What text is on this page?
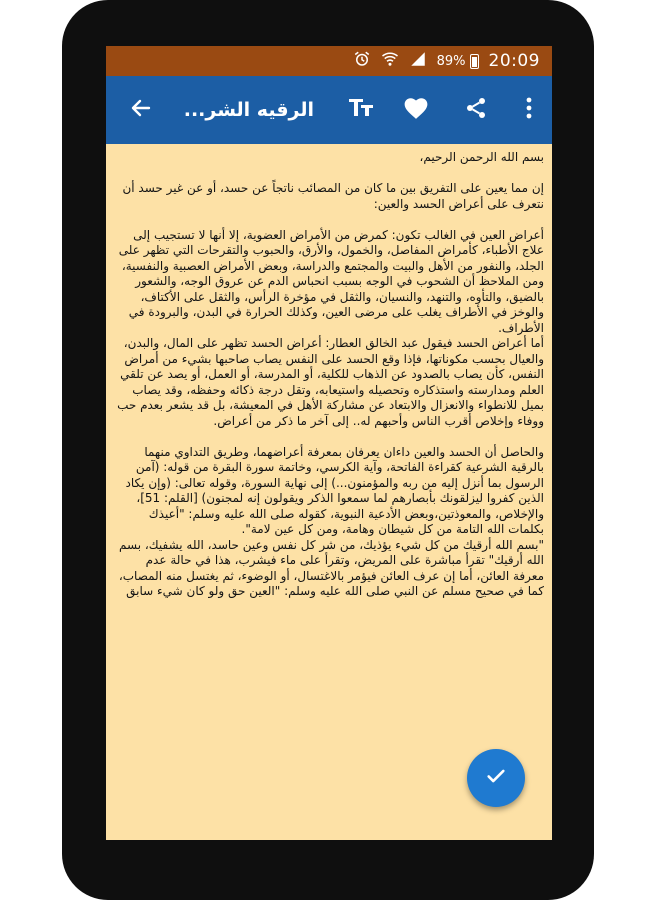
89% 20:09
الرقيه الشر...
بسم الله الرحمن الرحيم،

إن مما يعين على التفريق بين ما كان من المصائب ناتجاً عن حسد، أو عن غير حسد أن نتعرف على أعراض الحسد والعين:

أعراض العين في الغالب تكون: كمرض من الأمراض العضوية، إلا أنها لا تستجيب إلى علاج الأطباء، كأمراض المفاصل، والخمول، والأرق، والحبوب والتقرحات التي تظهر على الجلد، والنفور من الأهل والبيت والمجتمع والدراسة، وبعض الأمراض العصبية والنفسية، ومن الملاحظ أن الشحوب في الوجه بسبب انحباس الدم عن عروق الوجه، والشعور بالضيق، والتأوه، والتنهد، والنسيان، والثقل في مؤخرة الرأس، والثقل على الأكتاف، والوخز في الأطراف يغلب على مرضى العين، وكذلك الحرارة في البدن، والبرودة في الأطراف.
أما أعراض الحسد فيقول عبد الخالق العطار: أعراض الحسد تظهر على المال، والبدن، والعيال بحسب مكوناتها، فإذا وقع الحسد على النفس يصاب صاحبها بشيء من أمراض النفس، كأن يصاب بالصدود عن الذهاب للكلية، أو المدرسة، أو العمل، أو يصد عن تلقي العلم ومدارسته واستذكاره وتحصيله واستيعابه، وتقل درجة ذكائه وحفظه، وقد يصاب بميل للانطواء والانعزال والابتعاد عن مشاركة الأهل في المعيشة، بل قد يشعر بعدم حب ووفاء وإخلاص أقرب الناس وأحبهم له.. إلى آخر ما ذكر من أعراض.

والحاصل أن الحسد والعين داءان يعرفان بمعرفة أعراضهما، وطريق التداوي منهما بالرقية الشرعية كقراءة الفاتحة، وآية الكرسي، وخاتمة سورة البقرة من قوله: (آمن الرسول بما أنزل إليه من ربه والمؤمنون...) إلى نهاية السورة، وقوله تعالى: (وإن يكاد الذين كفروا ليزلقونك بأبصارهم لما سمعوا الذكر ويقولون إنه لمجنون) [القلم: 51]، والإخلاص، والمعوذتين،وبعض الأدعية النبوية، كقوله صلى الله عليه وسلم: "أعيذك بكلمات الله التامة من كل شيطان وهامة، ومن كل عين لامة".
"بسم الله أرقيك من كل شيء يؤذيك، من شر كل نفس وعين حاسد، الله يشفيك، بسم الله أرقيك" تقرأ مباشرة على المريض، وتقرأ على ماء فيشرب، هذا في حالة عدم معرفة العائن، أما إن عرف العائن فيؤمر بالاغتسال، أو الوضوء، ثم يغتسل منه المصاب، كما في صحيح مسلم عن النبي صلى الله عليه وسلم: "العين حق ولو كان شيء سابق
